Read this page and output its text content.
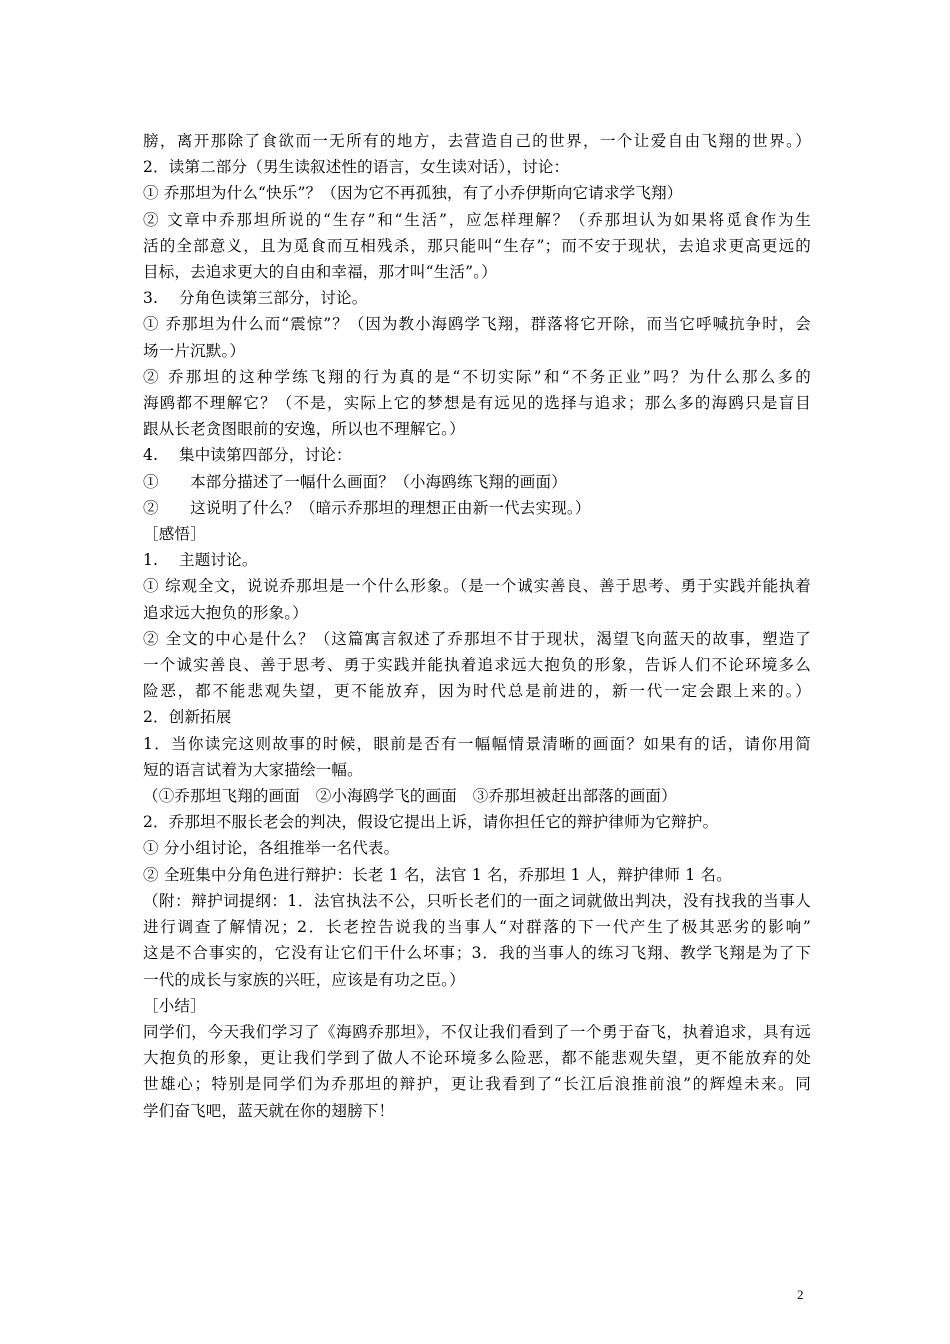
膀，离开那除了食欲而一无所有的地方，去营造自己的世界，一个让爱自由飞翔的世界。）
2．读第二部分（男生读叙述性的语言，女生读对话），讨论：
① 乔那坦为什么“快乐”？（因为它不再孤独，有了小乔伊斯向它请求学飞翔）
② 文章中乔那坦所说的“生存”和“生活”，应怎样理解？（乔那坦认为如果将觅食作为生
活的全部意义，且为觅食而互相残杀，那只能叫“生存”；而不安于现状，去追求更高更远的
目标，去追求更大的自由和幸福，那才叫“生活”。）
3.　 分角色读第三部分，讨论。
① 乔那坦为什么而“震惊”？（因为教小海鸥学飞翔，群落将它开除，而当它呼喊抗争时，会
场一片沉默。）
② 乔那坦的这种学练飞翔的行为真的是“不切实际”和“不务正业”吗？为什么那么多的
海鸥都不理解它？（不是，实际上它的梦想是有远见的选择与追求；那么多的海鸥只是盲目
跟从长老贪图眼前的安逸，所以也不理解它。）
4.　 集中读第四部分，讨论：
①　　本部分描述了一幅什么画面？（小海鸥练飞翔的画面）
②　　这说明了什么？（暗示乔那坦的理想正由新一代去实现。）
［感悟］
1.　 主题讨论。
① 综观全文，说说乔那坦是一个什么形象。（是一个诚实善良、善于思考、勇于实践并能执着
追求远大抱负的形象。）
② 全文的中心是什么？（这篇寓言叙述了乔那坦不甘于现状，渴望飞向蓝天的故事，塑造了
一个诚实善良、善于思考、勇于实践并能执着追求远大抱负的形象，告诉人们不论环境多么
险恶，都不能悲观失望，更不能放弃，因为时代总是前进的，新一代一定会跟上来的。）
2．创新拓展
1．当你读完这则故事的时候，眼前是否有一幅幅情景清晰的画面？如果有的话，请你用简
短的语言试着为大家描绘一幅。
（①乔那坦飞翔的画面　②小海鸥学飞的画面　③乔那坦被赶出部落的画面）
2．乔那坦不服长老会的判决，假设它提出上诉，请你担任它的辩护律师为它辩护。
① 分小组讨论，各组推举一名代表。
② 全班集中分角色进行辩护：长老 1 名，法官 1 名，乔那坦 1 人，辩护律师 1 名。
（附：辩护词提纲：1．法官执法不公，只听长老们的一面之词就做出判决，没有找我的当事人
进行调查了解情况；2．长老控告说我的当事人“对群落的下一代产生了极其恶劣的影响”
这是不合事实的，它没有让它们干什么坏事；3．我的当事人的练习飞翔、教学飞翔是为了下
一代的成长与家族的兴旺，应该是有功之臣。）
［小结］
同学们，今天我们学习了《海鸥乔那坦》，不仅让我们看到了一个勇于奋飞，执着追求，具有远
大抱负的形象，更让我们学到了做人不论环境多么险恶，都不能悲观失望，更不能放弃的处
世雄心；特别是同学们为乔那坦的辩护，更让我看到了“长江后浪推前浪”的辉煌未来。同
学们奋飞吧，蓝天就在你的翅膀下！
2
